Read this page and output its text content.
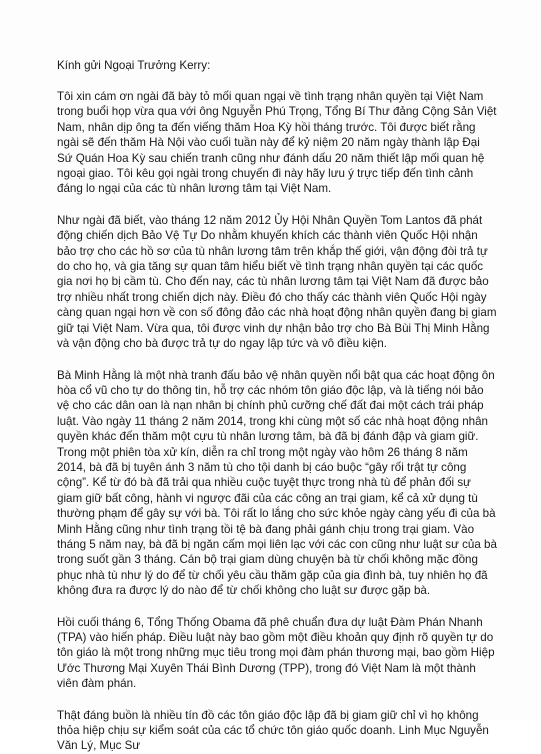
Kính gửi Ngoại Trưởng Kerry:

Tôi xin cám ơn ngài đã bày tỏ mối quan ngại về tình trạng nhân quyền tại Việt Nam trong buổi họp vừa qua với ông Nguyễn Phú Trọng, Tổng Bí Thư đảng Cộng Sản Việt Nam, nhân dịp ông ta đến viếng thăm Hoa Kỳ hồi tháng trước. Tôi được biết rằng ngài sẽ đến thăm Hà Nội vào cuối tuần này để kỷ niệm 20 năm ngày thành lập Đại Sứ Quán Hoa Kỳ sau chiến tranh cũng như đánh dấu 20 năm thiết lập mối quan hệ ngoại giao. Tôi kêu gọi ngài trong chuyến đi này hãy lưu ý trực tiếp đến tình cảnh đáng lo ngại của các tù nhân lương tâm tại Việt Nam.

Như ngài đã biết, vào tháng 12 năm 2012 Ủy Hội Nhân Quyền Tom Lantos đã phát động chiến dịch Bảo Vệ Tự Do nhằm khuyến khích các thành viên Quốc Hội nhận bảo trợ cho các hồ sơ của tù nhân lương tâm trên khắp thế giới, vận động đòi trả tự do cho họ, và gia tăng sự quan tâm hiểu biết về tình trạng nhân quyền tại các quốc gia nơi họ bị cầm tù. Cho đến nay, các tù nhân lương tâm tại Việt Nam đã được bảo trợ nhiều nhất trong chiến dịch này. Điều đó cho thấy các thành viên Quốc Hội ngày càng quan ngại hơn về con số đông đảo các nhà hoạt động nhân quyền đang bị giam giữ tại Việt Nam. Vừa qua, tôi được vinh dự nhận bảo trợ cho Bà Bùi Thị Minh Hằng và vận động cho bà được trả tự do ngay lập tức và vô điều kiện.

Bà Minh Hằng là một nhà tranh đấu bảo vệ nhân quyền nổi bật qua các hoạt động ôn hòa cổ vũ cho tự do thông tin, hỗ trợ các nhóm tôn giáo độc lập, và là tiếng nói bảo vệ cho các dân oan là nạn nhân bị chính phủ cưỡng chế đất đai một cách trái pháp luật. Vào ngày 11 tháng 2 năm 2014, trong khi cùng một số các nhà hoạt động nhân quyền khác đến thăm một cựu tù nhân lương tâm, bà đã bị đánh đập và giam giữ. Trong một phiên tòa xử kín, diễn ra chỉ trong một ngày vào hôm 26 tháng 8 năm 2014, bà đã bị tuyên ánh 3 năm tù cho tội danh bị cáo buộc “gây rối trật tự công cộng”. Kể từ đó bà đã trải qua nhiều cuộc tuyệt thực trong nhà tù để phản đối sự giam giữ bất công, hành vi ngược đãi của các công an trại giam, kể cả xử dụng tù thường phạm để gây sự với bà. Tôi rất lo lắng cho sức khỏe ngày càng yếu đi của bà Minh Hằng cũng như tình trạng tồi tệ bà đang phải gánh chịu trong trại giam. Vào tháng 5 năm nay, bà đã bị ngăn cấm mọi liên lạc với các con cũng như luật sư của bà trong suốt gần 3 tháng. Cán bộ trại giam dùng chuyện bà từ chối không mặc đồng phục nhà tù như lý do để từ chối yêu cầu thăm gặp của gia đình bà, tuy nhiên họ đã không đưa ra được lý do nào để từ chối không cho luật sư được gặp bà.

Hồi cuối tháng 6, Tổng Thống Obama đã phê chuẩn đưa dự luật Đàm Phán Nhanh (TPA) vào hiến pháp. Điều luật này bao gồm một điều khoản quy định rõ quyền tự do tôn giáo là một trong những mục tiêu trong mọi đàm phán thương mại, bao gồm Hiệp Ước Thương Mại Xuyên Thái Bình Dương (TPP), trong đó Việt Nam là một thành viên đàm phán.

Thật đáng buồn là nhiều tín đồ các tôn giáo độc lập đã bị giam giữ chỉ vì họ không thỏa hiệp chịu sự kiểm soát của các tổ chức tôn giáo quốc doanh. Linh Mục Nguyễn Văn Lý, Mục Sư
